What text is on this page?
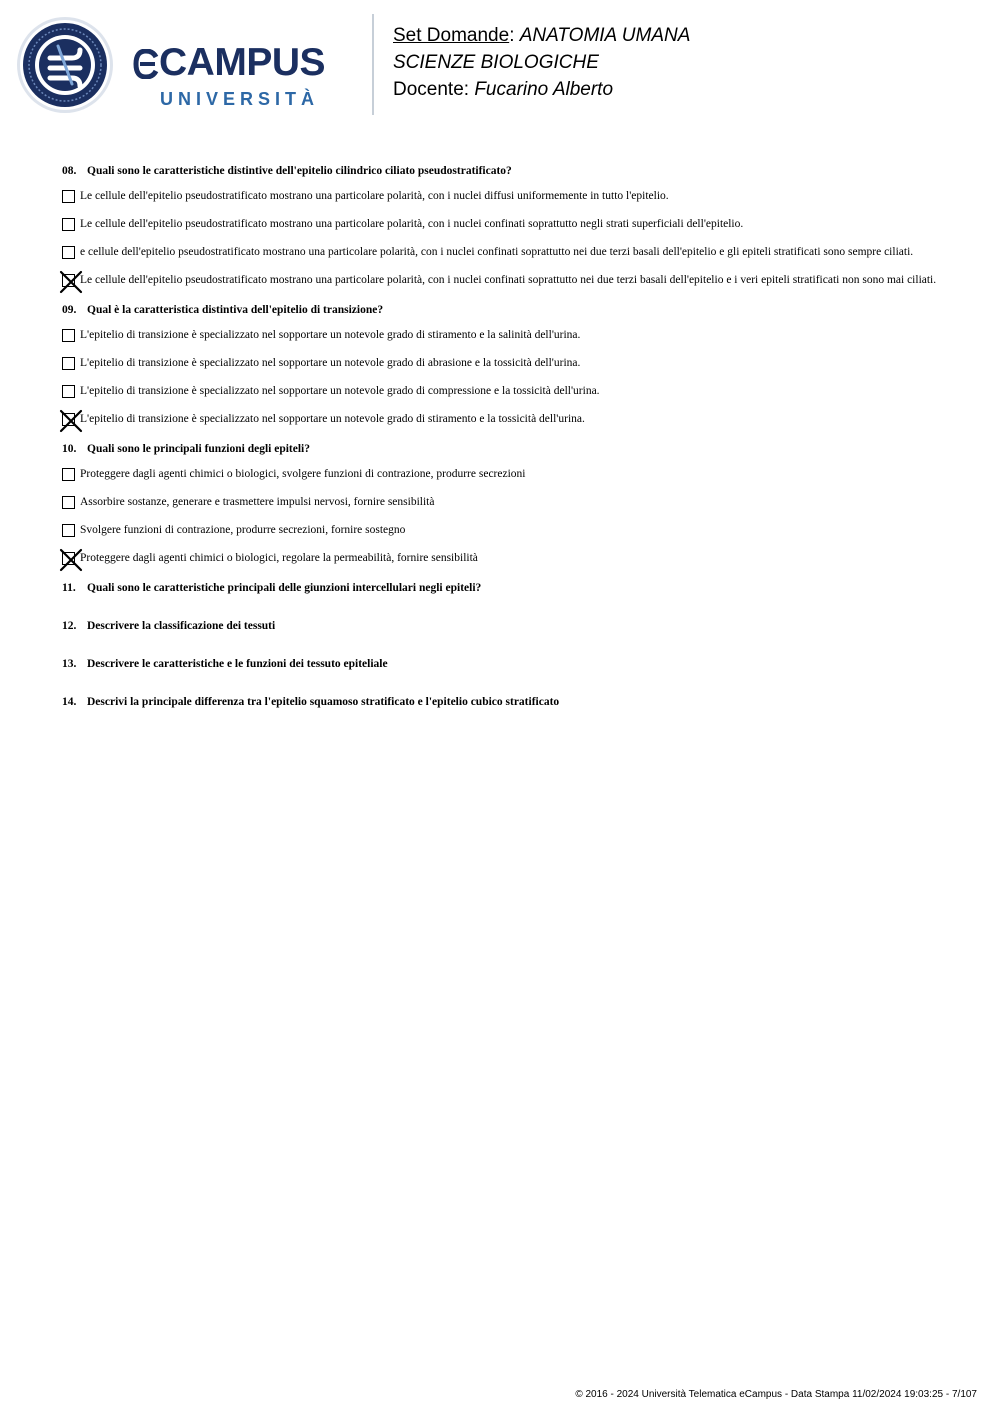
CAMPUS
UNIVERSITÀ
Set Domande: ANATOMIA UMANA
SCIENZE BIOLOGICHE
Docente: Fucarino Alberto
08. Quali sono le caratteristiche distintive dell'epitelio cilindrico ciliato pseudostratificato?
Le cellule dell'epitelio pseudostratificato mostrano una particolare polarità, con i nuclei diffusi uniformemente in tutto l'epitelio.
Le cellule dell'epitelio pseudostratificato mostrano una particolare polarità, con i nuclei confinati soprattutto negli strati superficiali dell'epitelio.
e cellule dell'epitelio pseudostratificato mostrano una particolare polarità, con i nuclei confinati soprattutto nei due terzi basali dell'epitelio e gli epiteli stratificati sono sempre ciliati.
Le cellule dell'epitelio pseudostratificato mostrano una particolare polarità, con i nuclei confinati soprattutto nei due terzi basali dell'epitelio e i veri epiteli stratificati non sono mai ciliati.
09. Qual è la caratteristica distintiva dell'epitelio di transizione?
L'epitelio di transizione è specializzato nel sopportare un notevole grado di stiramento e la salinità dell'urina.
L'epitelio di transizione è specializzato nel sopportare un notevole grado di abrasione e la tossicità dell'urina.
L'epitelio di transizione è specializzato nel sopportare un notevole grado di compressione e la tossicità dell'urina.
L'epitelio di transizione è specializzato nel sopportare un notevole grado di stiramento e la tossicità dell'urina.
10. Quali sono le principali funzioni degli epiteli?
Proteggere dagli agenti chimici o biologici, svolgere funzioni di contrazione, produrre secrezioni
Assorbire sostanze, generare e trasmettere impulsi nervosi, fornire sensibilità
Svolgere funzioni di contrazione, produrre secrezioni, fornire sostegno
Proteggere dagli agenti chimici o biologici, regolare la permeabilità, fornire sensibilità
11. Quali sono le caratteristiche principali delle giunzioni intercellulari negli epiteli?
12. Descrivere la classificazione dei tessuti
13. Descrivere le caratteristiche e le funzioni dei tessuto epiteliale
14. Descrivi la principale differenza tra l'epitelio squamoso stratificato e l'epitelio cubico stratificato
© 2016 - 2024 Università Telematica eCampus - Data Stampa 11/02/2024 19:03:25 - 7/107
